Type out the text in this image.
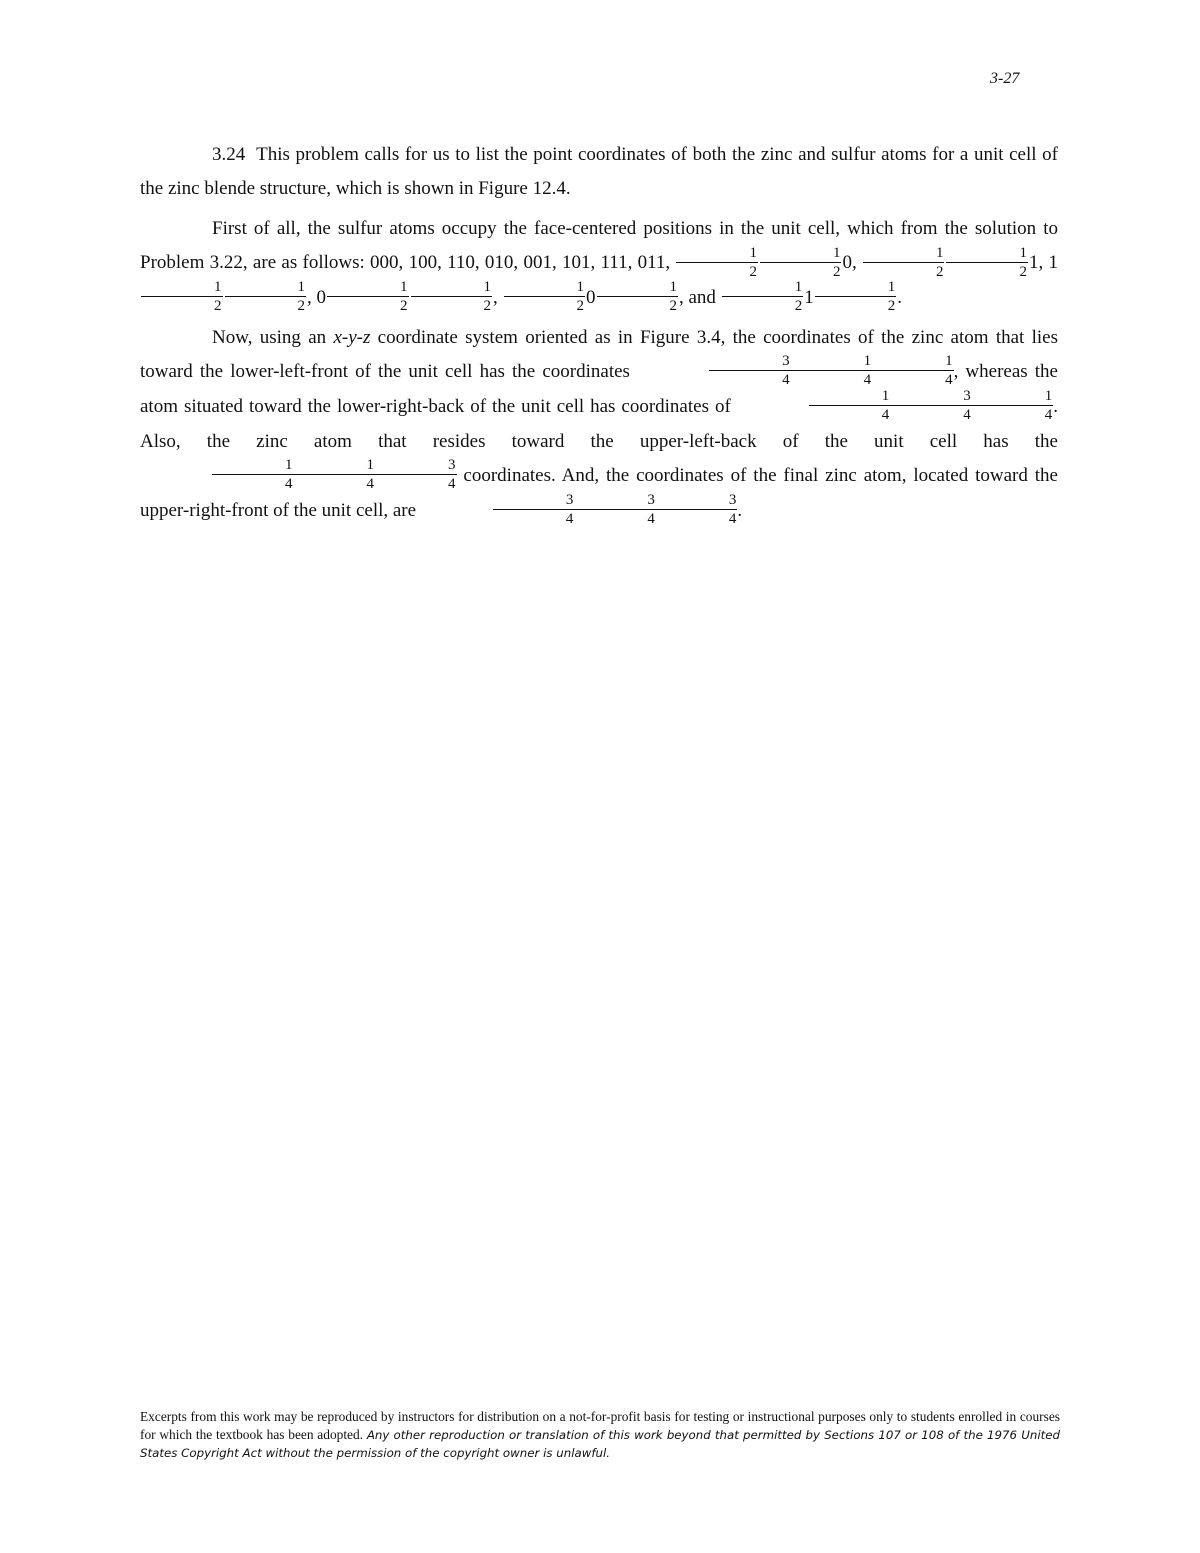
3-27

3.24 This problem calls for us to list the point coordinates of both the zinc and sulfur atoms for a unit cell of the zinc blende structure, which is shown in Figure 12.4.

First of all, the sulfur atoms occupy the face-centered positions in the unit cell, which from the solution to Problem 3.22, are as follows: 000, 100, 110, 010, 001, 101, 111, 011, $\frac{1}{2} \frac{1}{2} 0$, $\frac{1}{2} \frac{1}{2} 1$, 1
$\frac{1}{2} \frac{1}{2}$ , $0 \frac{1}{2} \frac{1}{2}$ , $\frac{1}{2} 0 \frac{1}{2}$ , and $\frac{1}{2} 1 \frac{1}{2}$ .

Now, using an x-y-z coordinate system oriented as in Figure 3.4, the coordinates of the zinc atom that lies toward the lower-left-front of the unit cell has the coordinates	$\frac{3}{4} \frac{1}{4} \frac{1}{4}$ , whereas the atom situated toward the lower-right-back of the unit cell has coordinates of	$\frac{1}{4} \frac{3}{4} \frac{1}{4}$ . Also, the zinc atom that resides toward the upper-left-back of the unit cell has the
$\frac{1}{4} \frac{1}{4} \frac{3}{4}$ coordinates. And, the coordinates of the final zinc atom, located toward the upper-right-front of the unit cell, are	$\frac{3}{4} \frac{3}{4} \frac{3}{4}$ .

Excerpts from this work may be reproduced by instructors for distribution on a not-for-profit basis for testing or instructional purposes only to students enrolled in courses for which the textbook has been adopted. Any other reproduction or translation of this work beyond that permitted by Sections 107 or 108 of the 1976 United States Copyright Act without the permission of the copyright owner is unlawful.
